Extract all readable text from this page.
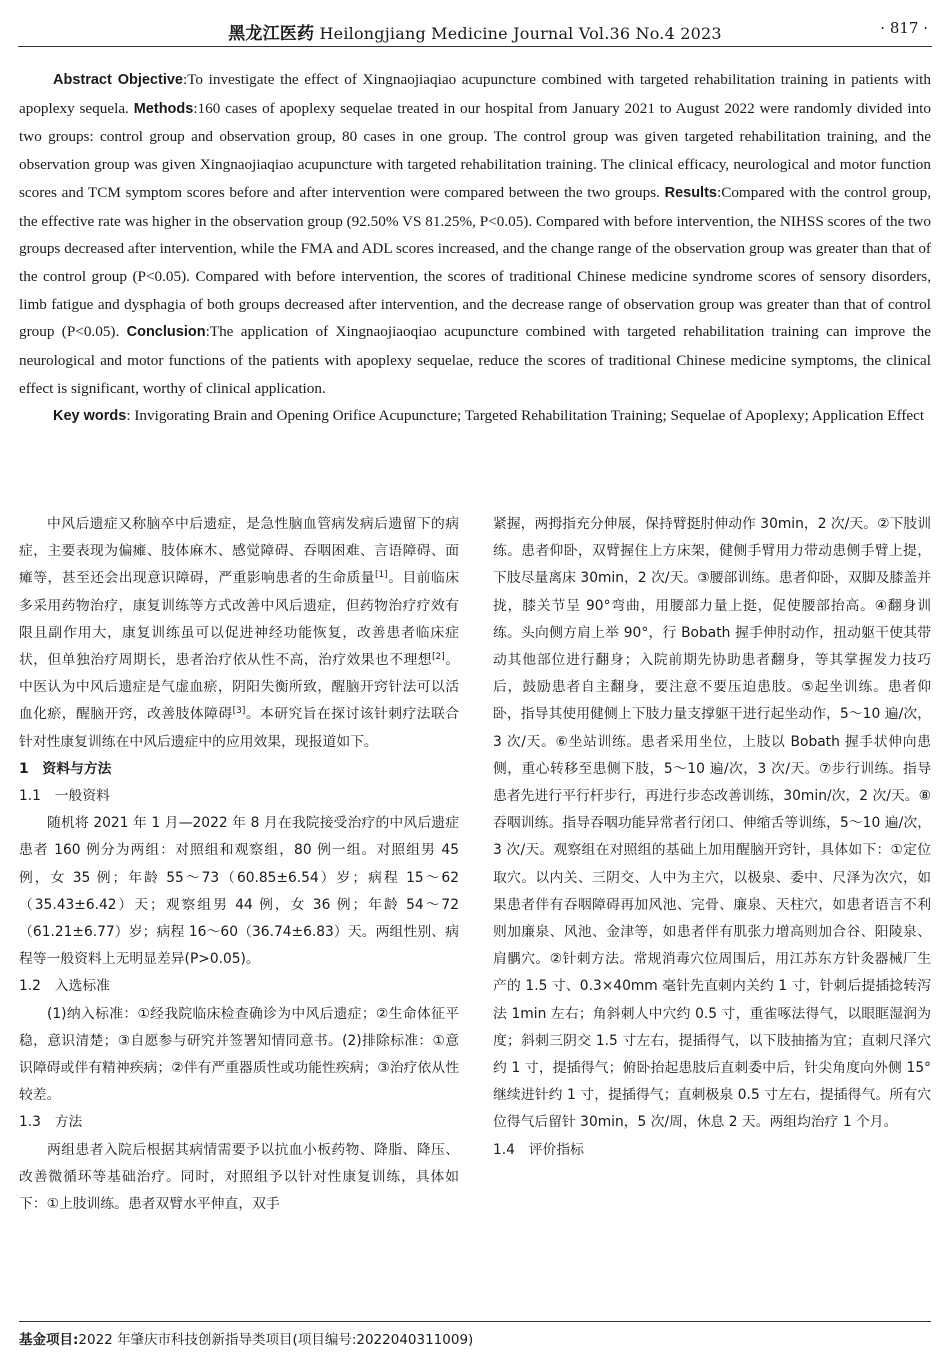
黑龙江医药 Heilongjiang Medicine Journal Vol.36 No.4 2023	· 817 ·

Abstract Objective:To investigate the effect of Xingnaojiaqiao acupuncture combined with targeted rehabilitation training in patients with apoplexy sequela. Methods:160 cases of apoplexy sequelae treated in our hospital from January 2021 to August 2022 were randomly divided into two groups: control group and observation group, 80 cases in one group. The control group was given targeted rehabilitation training, and the observation group was given Xingnaojiaqiao acupuncture with targeted rehabilitation training. The clinical efficacy, neurological and motor function scores and TCM symptom scores before and after intervention were compared between the two groups. Results:Compared with the control group, the effective rate was higher in the observation group (92.50% VS 81.25%, P<0.05). Compared with before intervention, the NIHSS scores of the two groups decreased after intervention, while the FMA and ADL scores increased, and the change range of the observation group was greater than that of the control group (P<0.05). Compared with before intervention, the scores of traditional Chinese medicine syndrome scores of sensory disorders, limb fatigue and dysphagia of both groups decreased after intervention, and the decrease range of observation group was greater than that of control group (P<0.05). Conclusion:The application of Xingnaojiaoqiao acupuncture combined with targeted rehabilitation training can improve the neurological and motor functions of the patients with apoplexy sequelae, reduce the scores of traditional Chinese medicine symptoms, the clinical effect is significant, worthy of clinical application.

Key words: Invigorating Brain and Opening Orifice Acupuncture; Targeted Rehabilitation Training; Sequelae of Apoplexy; Application Effect

中风后遗症又称脑卒中后遗症，是急性脑血管病发病后遗留下的病症，主要表现为偏瘫、肢体麻木、感觉障碍、吞咽困难、言语障碍、面瘫等，甚至还会出现意识障碍，严重影响患者的生命质量[1]。目前临床多采用药物治疗，康复训练等方式改善中风后遗症，但药物治疗疗效有限且副作用大，康复训练虽可以促进神经功能恢复，改善患者临床症状，但单独治疗周期长，患者治疗依从性不高，治疗效果也不理想[2]。中医认为中风后遗症是气虚血瘀，阴阳失衡所致，醒脑开窍针法可以活血化瘀，醒脑开窍，改善肢体障碍[3]。本研究旨在探讨该针刺疗法联合针对性康复训练在中风后遗症中的应用效果，现报道如下。

1　资料与方法

1.1　一般资料

随机将 2021 年 1 月—2022 年 8 月在我院接受治疗的中风后遗症患者 160 例分为两组：对照组和观察组，80 例一组。对照组男 45 例，女 35 例；年龄 55～73（60.85±6.54）岁；病程 15～62（35.43±6.42）天；观察组男 44 例，女 36 例；年龄 54～72（61.21±6.77）岁；病程 16～60（36.74±6.83）天。两组性别、病程等一般资料上无明显差异(P>0.05)。

1.2　入选标准

(1)纳入标准：①经我院临床检查确诊为中风后遗症；②生命体征平稳，意识清楚；③自愿参与研究并签署知情同意书。(2)排除标准：①意识障碍或伴有精神疾病；②伴有严重器质性或功能性疾病；③治疗依从性较差。

1.3　方法

两组患者入院后根据其病情需要予以抗血小板药物、降脂、降压、改善微循环等基础治疗。同时，对照组予以针对性康复训练，具体如下：①上肢训练。患者双臂水平伸直，双手

紧握，两拇指充分伸展，保持臂挺肘伸动作 30min，2 次/天。②下肢训练。患者仰卧，双臂握住上方床架，健侧手臂用力带动患侧手臂上提，下肢尽量离床 30min，2 次/天。③腰部训练。患者仰卧，双脚及膝盖并拢，膝关节呈 90°弯曲，用腰部力量上挺，促使腰部抬高。④翻身训练。头向侧方肩上举 90°，行 Bobath 握手伸肘动作，扭动躯干使其带动其他部位进行翻身；入院前期先协助患者翻身，等其掌握发力技巧后，鼓励患者自主翻身，要注意不要压迫患肢。⑤起坐训练。患者仰卧，指导其使用健侧上下肢力量支撑躯干进行起坐动作，5～10 遍/次，3 次/天。⑥坐站训练。患者采用坐位，上肢以 Bobath 握手状伸向患侧，重心转移至患侧下肢，5～10 遍/次，3 次/天。⑦步行训练。指导患者先进行平行杆步行，再进行步态改善训练，30min/次，2 次/天。⑧吞咽训练。指导吞咽功能异常者行闭口、伸缩舌等训练，5～10 遍/次，3 次/天。观察组在对照组的基础上加用醒脑开窍针，具体如下：①定位取穴。以内关、三阴交、人中为主穴，以极泉、委中、尺泽为次穴，如果患者伴有吞咽障碍再加风池、完骨、廉泉、天柱穴，如患者语言不利则加廉泉、风池、金津等，如患者伴有肌张力增高则加合谷、阳陵泉、肩髃穴。②针刺方法。常规消毒穴位周围后，用江苏东方针灸器械厂生产的 1.5 寸、0.3×40mm 毫针先直刺内关约 1 寸，针刺后提插捻转泻法 1min 左右；角斜刺人中穴约 0.5 寸，重雀啄法得气，以眼眶湿润为度；斜刺三阴交 1.5 寸左右，提插得气，以下肢抽搐为宜；直刺尺泽穴约 1 寸，提插得气；俯卧抬起患肢后直刺委中后，针尖角度向外侧 15°继续进针约 1 寸，提插得气；直刺极泉 0.5 寸左右，提插得气。所有穴位得气后留针 30min，5 次/周，休息 2 天。两组均治疗 1 个月。

1.4　评价指标

基金项目:2022 年肇庆市科技创新指导类项目(项目编号:2022040311009)
